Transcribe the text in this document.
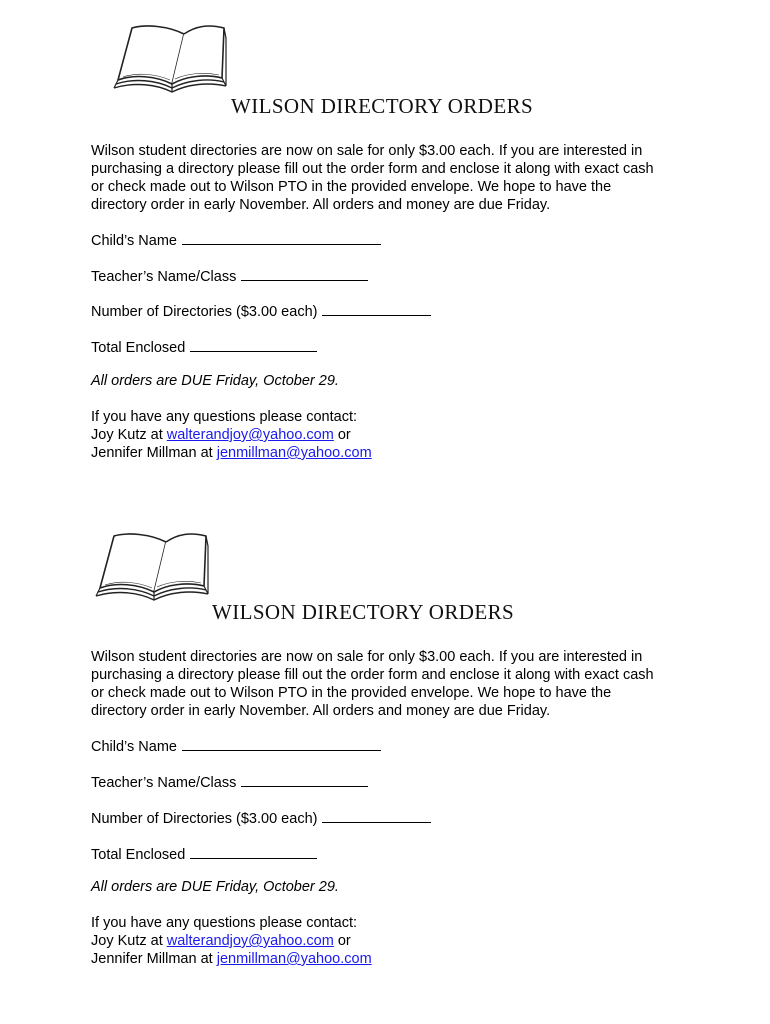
WILSON DIRECTORY ORDERS

Wilson student directories are now on sale for only $3.00 each. If you are interested in

purchasing a directory please fill out the order form and enclose it along with exact cash

or check made out to Wilson PTO in the provided envelope. We hope to have the

directory order in early November. All orders and money are due Friday.

Child’s Name
Teacher’s Name/Class
Number of Directories ($3.00 each)
Total Enclosed
All orders are DUE Friday, October 29.
If you have any questions please contact:
Joy Kutz at walterandjoy@yahoo.com or
Jennifer Millman at jenmillman@yahoo.com
WILSON DIRECTORY ORDERS

Wilson student directories are now on sale for only $3.00 each. If you are interested in

purchasing a directory please fill out the order form and enclose it along with exact cash

or check made out to Wilson PTO in the provided envelope. We hope to have the

directory order in early November. All orders and money are due Friday.

Child’s Name
Teacher’s Name/Class
Number of Directories ($3.00 each)
Total Enclosed
All orders are DUE Friday, October 29.
If you have any questions please contact:
Joy Kutz at walterandjoy@yahoo.com or
Jennifer Millman at jenmillman@yahoo.com
